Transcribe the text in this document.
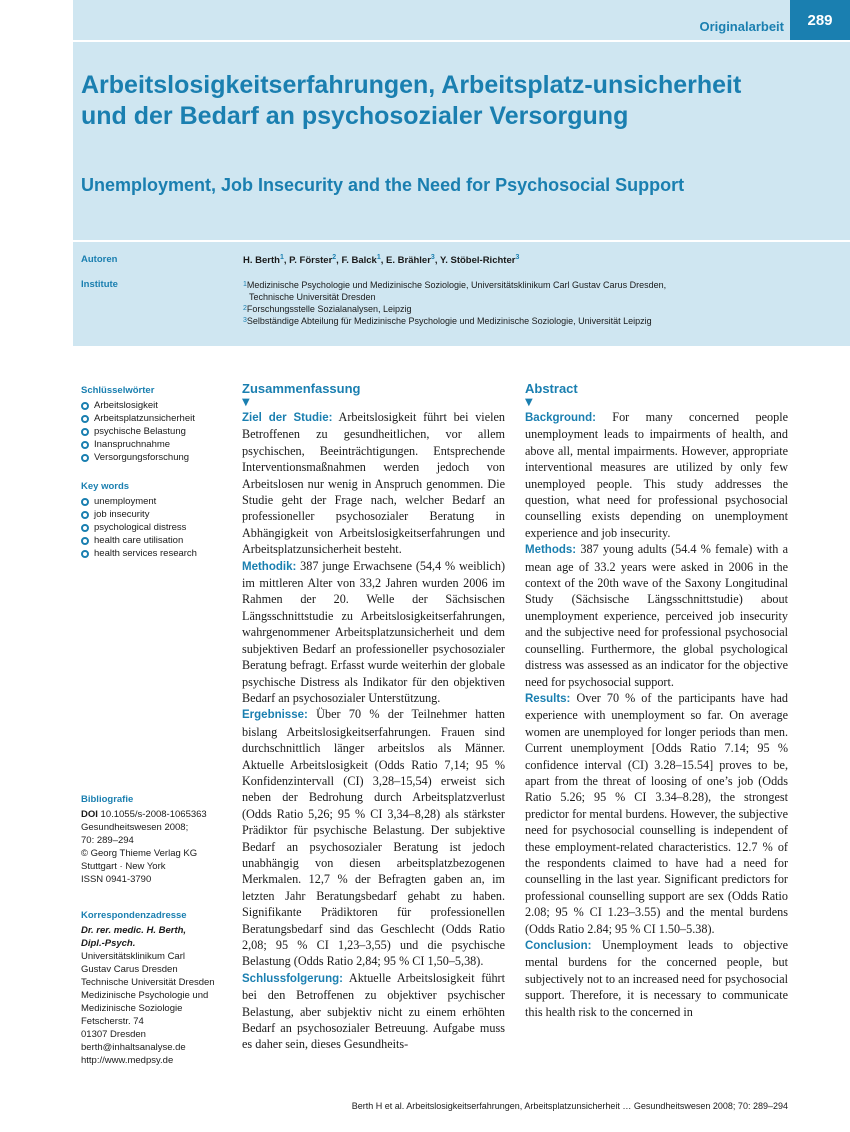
Originalarbeit	289
Arbeitslosigkeitserfahrungen, Arbeitsplatz-unsicherheit und der Bedarf an psychosozialer Versorgung
Unemployment, Job Insecurity and the Need for Psychosocial Support
Autoren	H. Berth$^1$, P. Förster$^2$, F. Balck$^1$, E. Brähler$^3$, Y. Stöbel-Richter$^3$
Institute	$^1$Medizinische Psychologie und Medizinische Soziologie, Universitätsklinikum Carl Gustav Carus Dresden,
Technische Universität Dresden
$^2$Forschungsstelle Sozialanalysen, Leipzig
$^3$Selbständige Abteilung für Medizinische Psychologie und Medizinische Soziologie, Universität Leipzig
Schlüsselwörter
Arbeitslosigkeit
Arbeitsplatzunsicherheit
psychische Belastung
Inanspruchnahme
Versorgungsforschung
Key words
unemployment
job insecurity
psychological distress
health care utilisation
health services research
Bibliografie
DOI 10.1055/s-2008-1065363
Gesundheitswesen 2008;
70: 289–294
© Georg Thieme Verlag KG
Stuttgart · New York
ISSN 0941-3790
Korrespondenzadresse
Dr. rer. medic. H. Berth,
Dipl.-Psych.
Universitätsklinikum Carl
Gustav Carus Dresden
Technische Universität Dresden
Medizinische Psychologie und
Medizinische Soziologie
Fetscherstr. 74
01307 Dresden
berth@inhaltsanalyse.de
http://www.medpsy.de
Zusammenfassung
▼

Ziel der Studie: Arbeitslosigkeit führt bei vielen Betroffenen zu gesundheitlichen, vor allem psychischen, Beeinträchtigungen. Entsprechende Interventionsmaßnahmen werden jedoch von Arbeitslosen nur wenig in Anspruch genommen. Die Studie geht der Frage nach, welcher Bedarf an professioneller psychosozialer Beratung in Abhängigkeit von Arbeitslosigkeitserfahrungen und Arbeitsplatzunsicherheit besteht.

Methodik: 387 junge Erwachsene (54,4 % weiblich) im mittleren Alter von 33,2 Jahren wurden 2006 im Rahmen der 20. Welle der Sächsischen Längsschnittstudie zu Arbeitslosigkeitserfahrungen, wahrgenommener Arbeitsplatzunsicherheit und dem subjektiven Bedarf an professioneller psychosozialer Beratung befragt. Erfasst wurde weiterhin der globale psychische Distress als Indikator für den objektiven Bedarf an psychosozialer Unterstützung.

Ergebnisse: Über 70 % der Teilnehmer hatten bislang Arbeitslosigkeitserfahrungen. Frauen sind durchschnittlich länger arbeitslos als Männer. Aktuelle Arbeitslosigkeit (Odds Ratio 7,14; 95 % Konfidenzintervall (CI) 3,28–15,54) erweist sich neben der Bedrohung durch Arbeitsplatzverlust (Odds Ratio 5,26; 95 % CI 3,34–8,28) als stärkster Prädiktor für psychische Belastung. Der subjektive Bedarf an psychosozialer Beratung ist jedoch unabhängig von diesen arbeitsplatzbezogenen Merkmalen. 12,7 % der Befragten gaben an, im letzten Jahr Beratungsbedarf gehabt zu haben. Signifikante Prädiktoren für professionellen Beratungsbedarf sind das Geschlecht (Odds Ratio 2,08; 95 % CI 1,23–3,55) und die psychische Belastung (Odds Ratio 2,84; 95 % CI 1,50–5,38).

Schlussfolgerung: Aktuelle Arbeitslosigkeit führt bei den Betroffenen zu objektiver psychischer Belastung, aber subjektiv nicht zu einem erhöhten Bedarf an psychosozialer Betreuung. Aufgabe muss es daher sein, dieses Gesundheits-

Abstract
▼

Background: For many concerned people unemployment leads to impairments of health, and above all, mental impairments. However, appropriate interventional measures are utilized by only few unemployed people. This study addresses the question, what need for professional psychosocial counselling exists depending on unemployment experience and job insecurity.

Methods: 387 young adults (54.4 % female) with a mean age of 33.2 years were asked in 2006 in the context of the 20th wave of the Saxony Longitudinal Study (Sächsische Längsschnittstudie) about unemployment experience, perceived job insecurity and the subjective need for professional psychosocial counselling. Furthermore, the global psychological distress was assessed as an indicator for the objective need for psychosocial support.

Results: Over 70 % of the participants have had experience with unemployment so far. On average women are unemployed for longer periods than men. Current unemployment [Odds Ratio 7.14; 95 % confidence interval (CI) 3.28–15.54] proves to be, apart from the threat of loosing of one’s job (Odds Ratio 5.26; 95 % CI 3.34–8.28), the strongest predictor for mental burdens. However, the subjective need for psychosocial counselling is independent of these employment-related characteristics. 12.7 % of the respondents claimed to have had a need for counselling in the last year. Significant predictors for professional counselling support are sex (Odds Ratio 2.08; 95 % CI 1.23–3.55) and the mental burdens (Odds Ratio 2.84; 95 % CI 1.50–5.38).

Conclusion: Unemployment leads to objective mental burdens for the concerned people, but subjectively not to an increased need for psychosocial support. Therefore, it is necessary to communicate this health risk to the concerned in

Berth H et al. Arbeitslosigkeitserfahrungen, Arbeitsplatzunsicherheit … Gesundheitswesen 2008; 70: 289–294
